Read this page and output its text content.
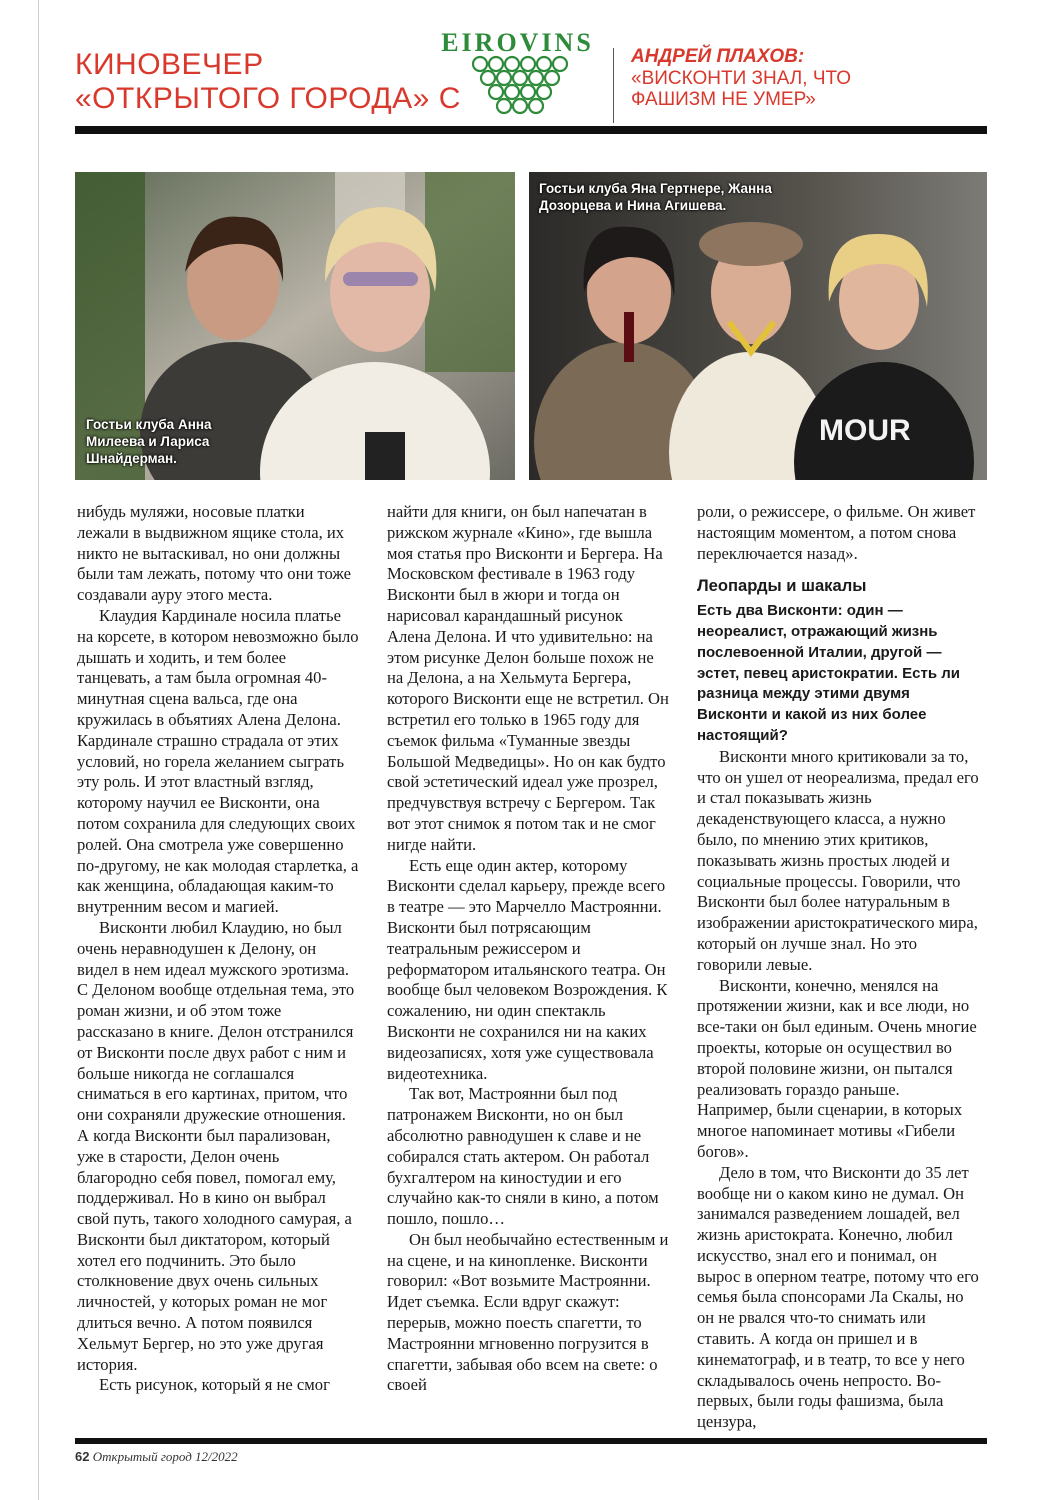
КИНОВЕЧЕР
«ОТКРЫТОГО ГОРОДА» С
EIROVINS	АНДРЕЙ ПЛАХОВ:
«ВИСКОНТИ ЗНАЛ, ЧТО
ФАШИЗМ НЕ УМЕР»
Гостьи клуба Анна Милеева и Лариса Шнайдерман.
MOUR
Гостьи клуба Яна Гертнере, Жанна Дозорцева и Нина Агишева.

нибудь муляжи, носовые платки лежали в выдвижном ящике стола, их никто не вытаскивал, но они должны были там лежать, потому что они тоже создавали ауру этого места.

Клаудия Кардинале носила платье на корсете, в котором невозможно было дышать и ходить, и тем более танцевать, а там была огромная 40-минутная сцена вальса, где она кружилась в объятиях Алена Делона. Кардинале страшно страдала от этих условий, но горела желанием сыграть эту роль. И этот властный взгляд, которому научил ее Висконти, она потом сохранила для следующих своих ролей. Она смотрела уже совершенно по-другому, не как молодая старлетка, а как женщина, обладающая каким-то внутренним весом и магией.

Висконти любил Клаудию, но был очень неравнодушен к Делону, он видел в нем идеал мужского эротизма. С Делоном вообще отдельная тема, это роман жизни, и об этом тоже рассказано в книге. Делон отстранился от Висконти после двух работ с ним и больше никогда не соглашался сниматься в его картинах, притом, что они сохраняли дружеские отношения. А когда Висконти был парализован, уже в старости, Делон очень благородно себя повел, помогал ему, поддерживал. Но в кино он выбрал свой путь, такого холодного самурая, а Висконти был диктатором, который хотел его подчинить. Это было столкновение двух очень сильных личностей, у которых роман не мог длиться вечно. А потом появился Хельмут Бергер, но это уже другая история.

Есть рисунок, который я не смог

найти для книги, он был напечатан в рижском журнале «Кино», где вышла моя статья про Висконти и Бергера. На Московском фестивале в 1963 году Висконти был в жюри и тогда он нарисовал карандашный рисунок Алена Делона. И что удивительно: на этом рисунке Делон больше похож не на Делона, а на Хельмута Бергера, которого Висконти еще не встретил. Он встретил его только в 1965 году для съемок фильма «Туманные звезды Большой Медведицы». Но он как будто свой эстетический идеал уже прозрел, предчувствуя встречу с Бергером. Так вот этот снимок я потом так и не смог нигде найти.

Есть еще один актер, которому Висконти сделал карьеру, прежде всего в театре — это Марчелло Мастроянни. Висконти был потрясающим театральным режиссером и реформатором итальянского театра. Он вообще был человеком Возрождения. К сожалению, ни один спектакль Висконти не сохранился ни на каких видеозаписях, хотя уже существовала видеотехника.

Так вот, Мастроянни был под патронажем Висконти, но он был абсолютно равнодушен к славе и не собирался стать актером. Он работал бухгалтером на киностудии и его случайно как-то сняли в кино, а потом пошло, пошло…

Он был необычайно естественным и на сцене, и на кинопленке. Висконти говорил: «Вот возьмите Мастроянни. Идет съемка. Если вдруг скажут: перерыв, можно поесть спагетти, то Мастроянни мгновенно погрузится в спагетти, забывая обо всем на свете: о своей

роли, о режиссере, о фильме. Он живет настоящим моментом, а потом снова переключается назад».

Леопарды и шакалы

Есть два Висконти: один — неореалист, отражающий жизнь послевоенной Италии, другой — эстет, певец аристократии. Есть ли разница между этими двумя Висконти и какой из них более настоящий?

Висконти много критиковали за то, что он ушел от неореализма, предал его и стал показывать жизнь декаденствующего класса, а нужно было, по мнению этих критиков, показывать жизнь простых людей и социальные процессы. Говорили, что Висконти был более натуральным в изображении аристократического мира, который он лучше знал. Но это говорили левые.

Висконти, конечно, менялся на протяжении жизни, как и все люди, но все-таки он был единым. Очень многие проекты, которые он осуществил во второй половине жизни, он пытался реализовать гораздо раньше. Например, были сценарии, в которых многое напоминает мотивы «Гибели богов».

Дело в том, что Висконти до 35 лет вообще ни о каком кино не думал. Он занимался разведением лошадей, вел жизнь аристократа. Конечно, любил искусство, знал его и понимал, он вырос в оперном театре, потому что его семья была спонсорами Ла Скалы, но он не рвался что-то снимать или ставить. А когда он пришел и в кинематограф, и в театр, то все у него складывалось очень непросто. Во-первых, были годы фашизма, была цензура,

62 Открытый город 12/2022
